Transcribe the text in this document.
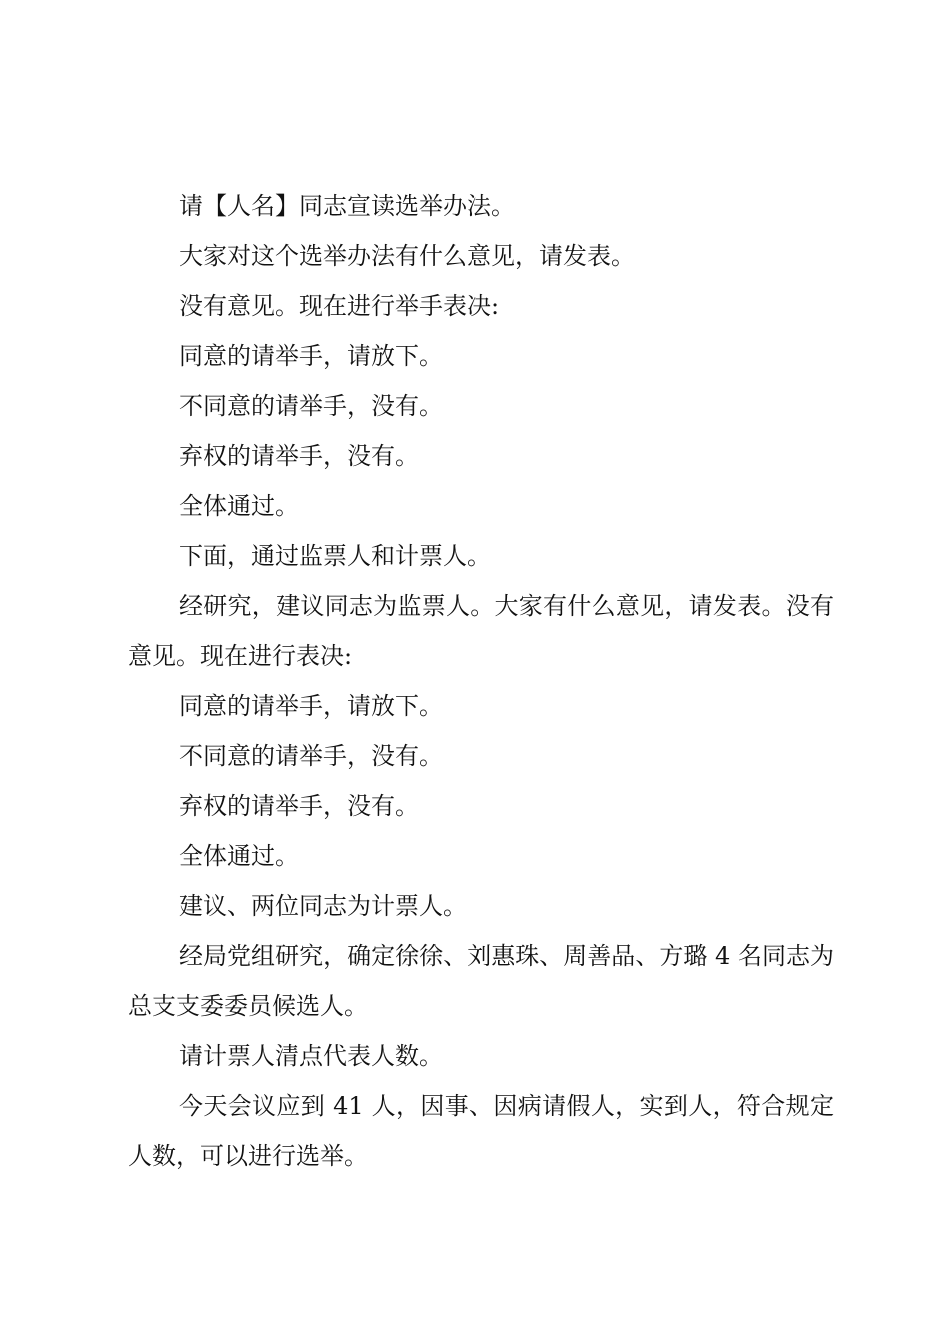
请【人名】同志宣读选举办法。

大家对这个选举办法有什么意见，请发表。

没有意见。现在进行举手表决:

同意的请举手，请放下。

不同意的请举手，没有。

弃权的请举手，没有。

全体通过。

下面，通过监票人和计票人。

经研究，建议同志为监票人。大家有什么意见，请发表。没有意见。现在进行表决:

同意的请举手，请放下。

不同意的请举手，没有。

弃权的请举手，没有。

全体通过。

建议、两位同志为计票人。

经局党组研究，确定徐徐、刘惠珠、周善品、方璐 4 名同志为总支支委委员候选人。

请计票人清点代表人数。

今天会议应到 41 人，因事、因病请假人，实到人，符合规定人数，可以进行选举。
